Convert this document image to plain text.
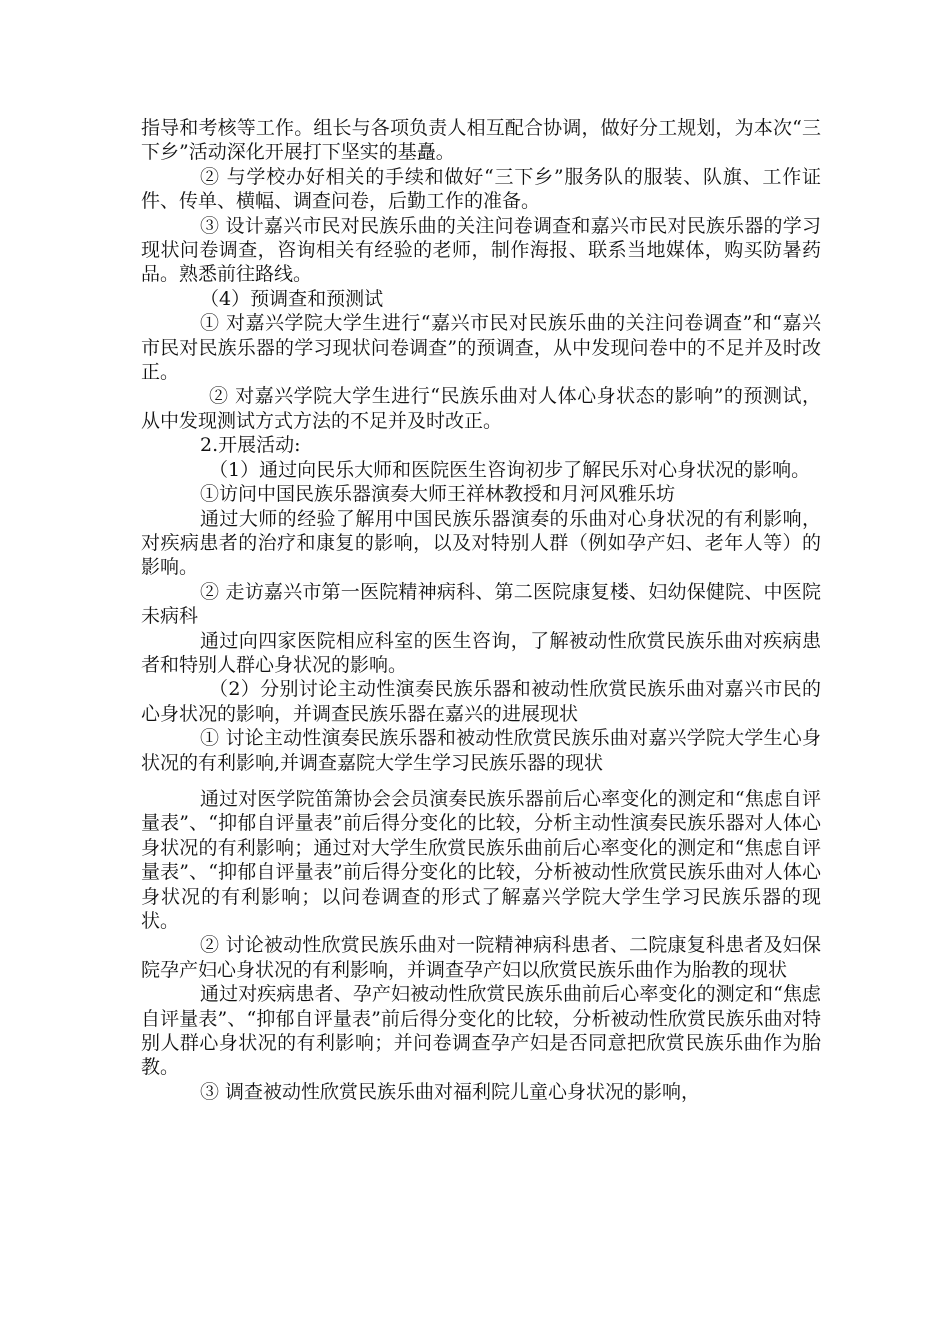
指导和考核等工作。组长与各项负责人相互配合协调，做好分工规划，为本次“三下乡”活动深化开展打下坚实的基矗。

② 与学校办好相关的手续和做好“三下乡”服务队的服装、队旗、工作证件、传单、横幅、调查问卷，后勤工作的准备。

③ 设计嘉兴市民对民族乐曲的关注问卷调查和嘉兴市民对民族乐器的学习现状问卷调查，咨询相关有经验的老师，制作海报、联系当地媒体，购买防暑药品。熟悉前往路线。

（4）预调查和预测试

① 对嘉兴学院大学生进行“嘉兴市民对民族乐曲的关注问卷调查”和“嘉兴市民对民族乐器的学习现状问卷调查”的预调查，从中发现问卷中的不足并及时改正。

② 对嘉兴学院大学生进行“民族乐曲对人体心身状态的影响”的预测试，从中发现测试方式方法的不足并及时改正。

2.开展活动:

（1）通过向民乐大师和医院医生咨询初步了解民乐对心身状况的影响。

①访问中国民族乐器演奏大师王祥林教授和月河风雅乐坊

通过大师的经验了解用中国民族乐器演奏的乐曲对心身状况的有利影响，对疾病患者的治疗和康复的影响，以及对特别人群（例如孕产妇、老年人等）的影响。

② 走访嘉兴市第一医院精神病科、第二医院康复楼、妇幼保健院、中医院未病科

通过向四家医院相应科室的医生咨询，了解被动性欣赏民族乐曲对疾病患者和特别人群心身状况的影响。

（2）分别讨论主动性演奏民族乐器和被动性欣赏民族乐曲对嘉兴市民的心身状况的影响，并调查民族乐器在嘉兴的进展现状

① 讨论主动性演奏民族乐器和被动性欣赏民族乐曲对嘉兴学院大学生心身状况的有利影响,并调查嘉院大学生学习民族乐器的现状

通过对医学院笛箫协会会员演奏民族乐器前后心率变化的测定和“焦虑自评量表”、“抑郁自评量表”前后得分变化的比较，分析主动性演奏民族乐器对人体心身状况的有利影响；通过对大学生欣赏民族乐曲前后心率变化的测定和“焦虑自评量表”、“抑郁自评量表”前后得分变化的比较，分析被动性欣赏民族乐曲对人体心身状况的有利影响；以问卷调查的形式了解嘉兴学院大学生学习民族乐器的现状。

② 讨论被动性欣赏民族乐曲对一院精神病科患者、二院康复科患者及妇保院孕产妇心身状况的有利影响，并调查孕产妇以欣赏民族乐曲作为胎教的现状

通过对疾病患者、孕产妇被动性欣赏民族乐曲前后心率变化的测定和“焦虑自评量表”、“抑郁自评量表”前后得分变化的比较，分析被动性欣赏民族乐曲对特别人群心身状况的有利影响；并问卷调查孕产妇是否同意把欣赏民族乐曲作为胎教。

③ 调查被动性欣赏民族乐曲对福利院儿童心身状况的影响，
